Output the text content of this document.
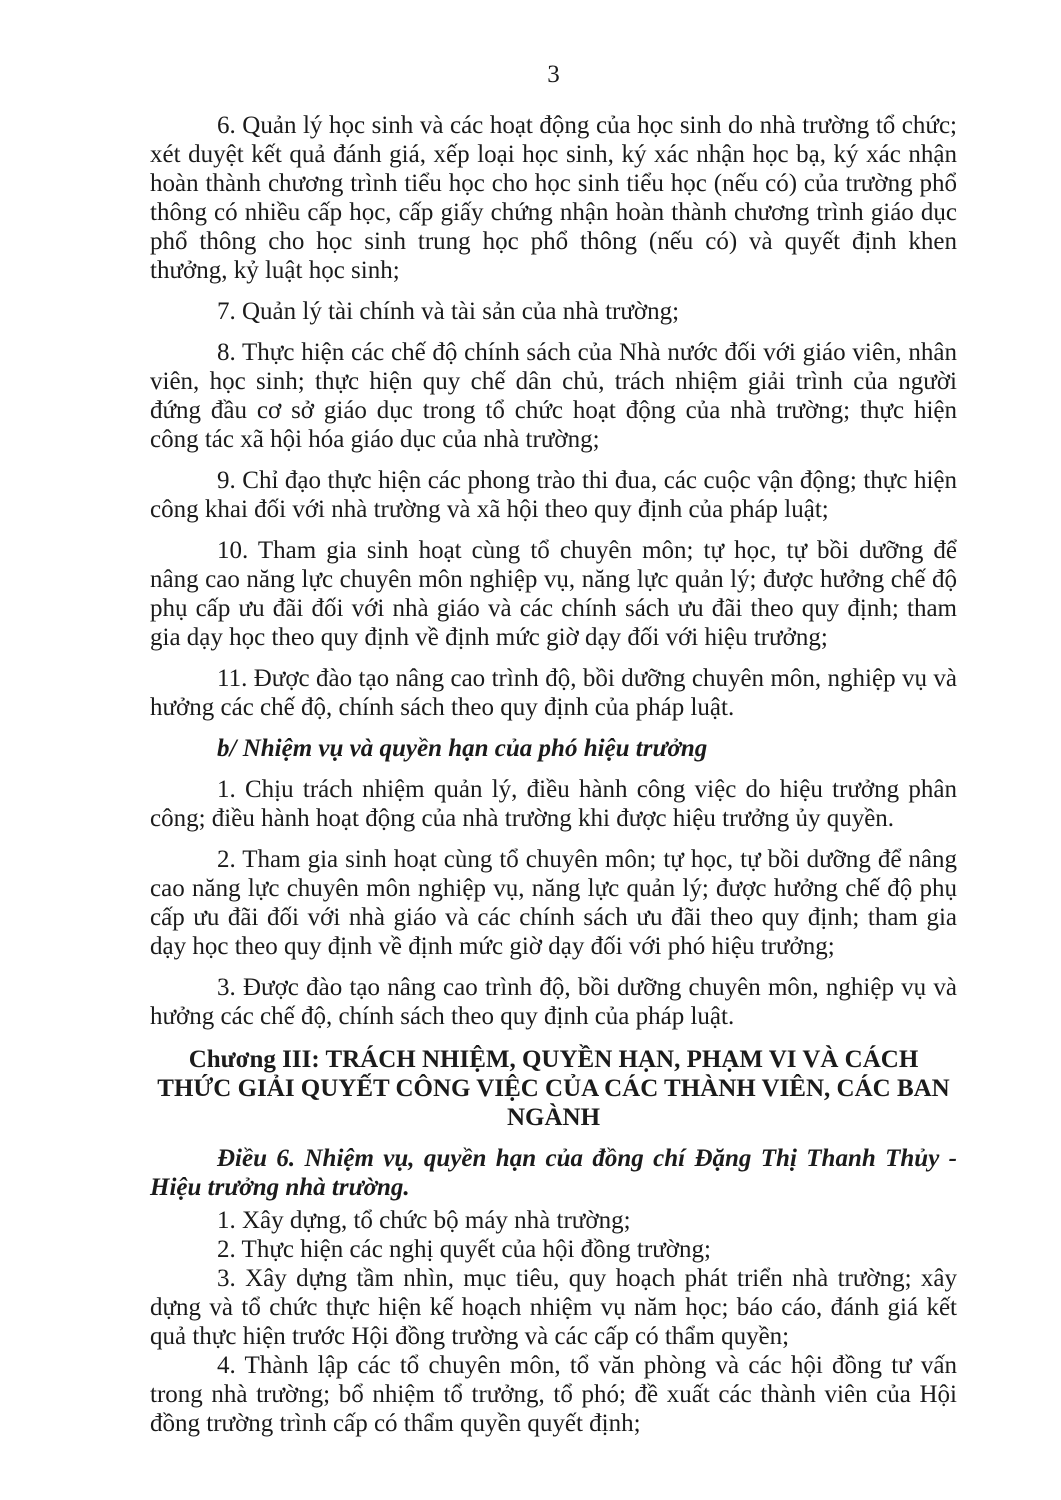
3

6. Quản lý học sinh và các hoạt động của học sinh do nhà trường tổ chức; xét duyệt kết quả đánh giá, xếp loại học sinh, ký xác nhận học bạ, ký xác nhận hoàn thành chương trình tiểu học cho học sinh tiểu học (nếu có) của trường phổ thông có nhiều cấp học, cấp giấy chứng nhận hoàn thành chương trình giáo dục phổ thông cho học sinh trung học phổ thông (nếu có) và quyết định khen thưởng, kỷ luật học sinh;

7. Quản lý tài chính và tài sản của nhà trường;

8. Thực hiện các chế độ chính sách của Nhà nước đối với giáo viên, nhân viên, học sinh; thực hiện quy chế dân chủ, trách nhiệm giải trình của người đứng đầu cơ sở giáo dục trong tổ chức hoạt động của nhà trường; thực hiện công tác xã hội hóa giáo dục của nhà trường;

9. Chỉ đạo thực hiện các phong trào thi đua, các cuộc vận động; thực hiện công khai đối với nhà trường và xã hội theo quy định của pháp luật;

10. Tham gia sinh hoạt cùng tổ chuyên môn; tự học, tự bồi dưỡng để nâng cao năng lực chuyên môn nghiệp vụ, năng lực quản lý; được hưởng chế độ phụ cấp ưu đãi đối với nhà giáo và các chính sách ưu đãi theo quy định; tham gia dạy học theo quy định về định mức giờ dạy đối với hiệu trưởng;

11. Được đào tạo nâng cao trình độ, bồi dưỡng chuyên môn, nghiệp vụ và hưởng các chế độ, chính sách theo quy định của pháp luật.

b/ Nhiệm vụ và quyền hạn của phó hiệu trưởng

1. Chịu trách nhiệm quản lý, điều hành công việc do hiệu trưởng phân công; điều hành hoạt động của nhà trường khi được hiệu trưởng ủy quyền.

2. Tham gia sinh hoạt cùng tổ chuyên môn; tự học, tự bồi dưỡng để nâng cao năng lực chuyên môn nghiệp vụ, năng lực quản lý; được hưởng chế độ phụ cấp ưu đãi đối với nhà giáo và các chính sách ưu đãi theo quy định; tham gia dạy học theo quy định về định mức giờ dạy đối với phó hiệu trưởng;

3. Được đào tạo nâng cao trình độ, bồi dưỡng chuyên môn, nghiệp vụ và hưởng các chế độ, chính sách theo quy định của pháp luật.

Chương III: TRÁCH NHIỆM, QUYỀN HẠN, PHẠM VI VÀ CÁCH THỨC GIẢI QUYẾT CÔNG VIỆC CỦA CÁC THÀNH VIÊN, CÁC BAN NGÀNH

Điều 6. Nhiệm vụ, quyền hạn của đồng chí Đặng Thị Thanh Thủy - Hiệu trưởng nhà trường.

1. Xây dựng, tổ chức bộ máy nhà trường;

2. Thực hiện các nghị quyết của hội đồng trường;

3. Xây dựng tầm nhìn, mục tiêu, quy hoạch phát triển nhà trường; xây dựng và tổ chức thực hiện kế hoạch nhiệm vụ năm học; báo cáo, đánh giá kết quả thực hiện trước Hội đồng trường và các cấp có thẩm quyền;

4. Thành lập các tổ chuyên môn, tổ văn phòng và các hội đồng tư vấn trong nhà trường; bổ nhiệm tổ trưởng, tổ phó; đề xuất các thành viên của Hội đồng trường trình cấp có thẩm quyền quyết định;
